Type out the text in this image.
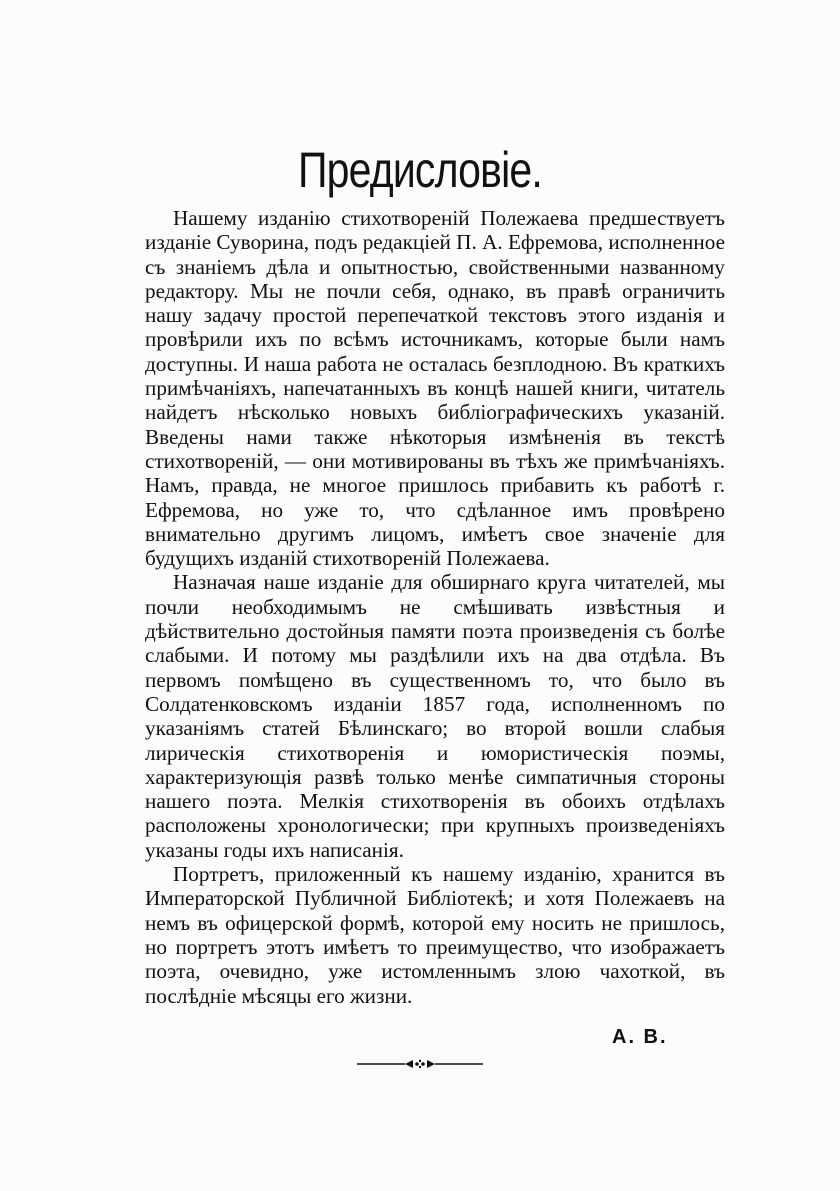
Предисловіе.

Нашему изданію стихотвореній Полежаева предшествуетъ изданіе Суворина, подъ редакціей П. А. Ефремова, исполненное съ знаніемъ дѣла и опытностью, свойственными названному редактору. Мы не почли себя, однако, въ правѣ ограничить нашу задачу простой перепечаткой текстовъ этого изданія и провѣрили ихъ по всѣмъ источникамъ, которые были намъ доступны. И наша работа не осталась безплодною. Въ краткихъ примѣчаніяхъ, напечатанныхъ въ концѣ нашей книги, читатель найдетъ нѣсколько новыхъ библіографическихъ указаній. Введены нами также нѣкоторыя измѣненія въ текстѣ стихотвореній, — они мотивированы въ тѣхъ же примѣчаніяхъ. Намъ, правда, не многое пришлось прибавить къ работѣ г. Ефремова, но уже то, что сдѣланное имъ провѣрено внимательно другимъ лицомъ, имѣетъ свое значеніе для будущихъ изданій стихотвореній Полежаева.

Назначая наше изданіе для обширнаго круга читателей, мы почли необходимымъ не смѣшивать извѣстныя и дѣйствительно достойныя памяти поэта произведенія съ болѣе слабыми. И потому мы раздѣлили ихъ на два отдѣла. Въ первомъ помѣщено въ существенномъ то, что было въ Солдатенковскомъ изданіи 1857 года, исполненномъ по указаніямъ статей Бѣлинскаго; во второй вошли слабыя лирическія стихотворенія и юмористическія поэмы, характеризующія развѣ только менѣе симпатичныя стороны нашего поэта. Мелкія стихотворенія въ обоихъ отдѣлахъ расположены хронологически; при крупныхъ произведеніяхъ указаны годы ихъ написанія.

Портретъ, приложенный къ нашему изданію, хранится въ Императорской Публичной Библіотекѣ; и хотя Полежаевъ на немъ въ офицерской формѣ, которой ему носить не пришлось, но портретъ этотъ имѣетъ то преимущество, что изображаетъ поэта, очевидно, уже истомленнымъ злою чахоткой, въ послѣдніе мѣсяцы его жизни.

А. В.
